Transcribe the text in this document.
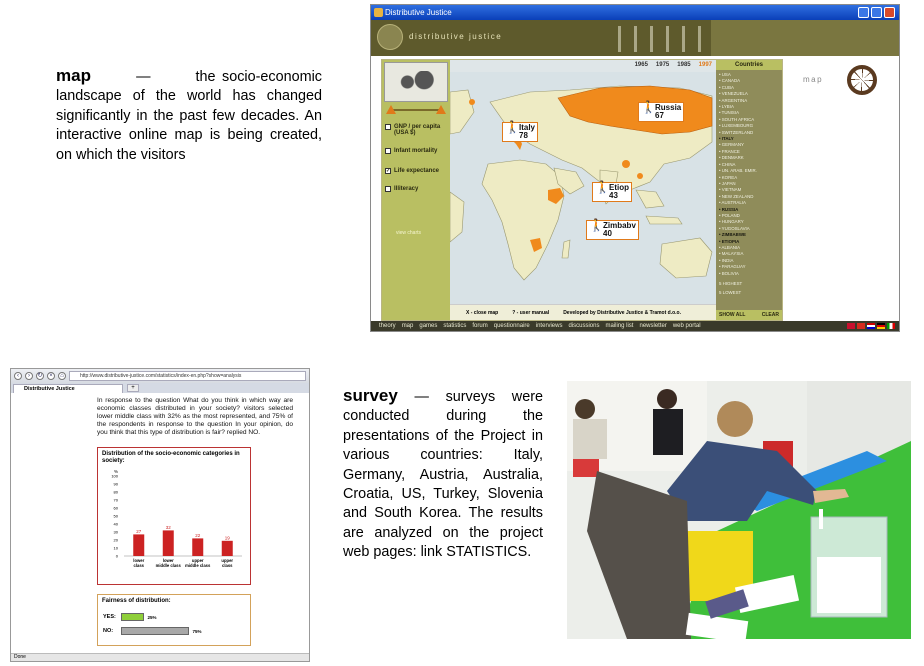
map	—	the socio-economic landscape of the world has changed significantly in the past few decades. An interactive online map is being created, on which the visitors
survey — surveys were conducted during the presentations of the Project in various countries: Italy, Germany, Austria, Australia, Croatia, US, Turkey, Slovenia and South Korea. The results are analyzed on the project web pages: link STATISTICS.
Distributive Justice
distributive justice
GNP / per capita (USA $)
Infant mortality
✓ Life expectance
Illiteracy
view charts
1965 1975 1985 1997
🚶 Italy
78
🚶 Russia
67
🚶 Etiop
43
🚶 Zimbabv
40
X - close map	? - user manual	Developed by Distributive Justice & Tramot d.o.o.
Countries
• USA
• CANADA
• CUBA
• VENEZUELA
• ARGENTINA
• LYBIA
• TUNISIA
• SOUTH AFRICA
• LUXEMBOURG
• SWITZERLAND
• ITALY
• GERMANY
• FRANCE
• DENMARK
• CHINA
• UN. ARAB. EMIR.
• KOREA
• JAPAN
• VIETNAM
• NEW ZEALAND
• AUSTRALIA
• RUSSIA
• POLAND
• HUNGARY
• YUGOSLAVIA
• ZIMBABWE
• ETIOPIA
• ALBANIA
• MALAYSIA
• INDIA
• PARAGUAY
• BOLIVIA
5 HIGHEST
5 LOWEST
SHOW ALL	CLEAR
map
theory map games statistics forum questionnaire interviews discussions mailing list newsletter web portal
‹	›	↻	×	⌂	http://www.distributive-justice.com/statistics/index-en.php?show=analysis
Distributive Justice	+
In response to the question What do you think in which way are economic classes distributed in your society? visitors selected lower middle class with 32% as the most represented, and 75% of the respondents in response to the question In your opinion, do you think that this type of distribution is fair? replied NO.
Distribution of the socio-economic categories in society:
%
100
90
80
70
60
50
40
30
20
10
0
27
lower
class
32
lower
middle class
22
upper
middle class
19
upper
class
Fairness of distribution:
YES:	25%
NO:	75%
Done
